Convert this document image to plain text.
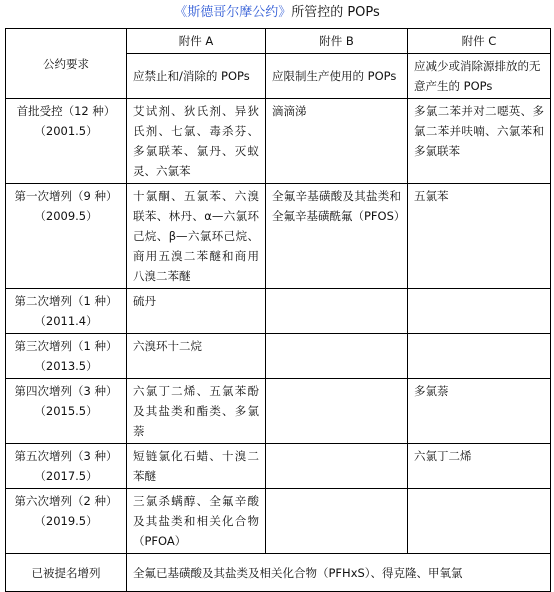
《斯德哥尔摩公约》所管控的 POPs
公约要求	附件 A	附件 B	附件 C
	应禁止和/消除的 POPs	应限制生产使用的 POPs	应减少或消除源排放的无意产生的 POPs

首批受控（12 种）
（2001.5）	艾试剂、狄氏剂、异狄氏剂、七氯、毒杀芬、多氯联苯、氯丹、灭蚁灵、六氯苯	滴滴涕	多氯二苯并对二噁英、多氯二苯并呋喃、六氯苯和多氯联苯

第一次增列（9 种）
（2009.5）	十氯酮、五氯苯、六溴联苯、林丹、α—六氯环己烷、β—六氯环己烷、商用五溴二苯醚和商用八溴二苯醚	全氟辛基磺酸及其盐类和全氟辛基磺酰氟（PFOS）	五氯苯

第二次增列（1 种）
（2011.4）	硫丹		

第三次增列（1 种）
（2013.5）	六溴环十二烷		

第四次增列（3 种）
（2015.5）	六氯丁二烯、五氯苯酚及其盐类和酯类、多氯萘		多氯萘

第五次增列（3 种）
（2017.5）	短链氯化石蜡、十溴二苯醚		六氯丁二烯

第六次增列（2 种）
（2019.5）	三氯杀螨醇、全氟辛酸及其盐类和相关化合物（PFOA）		
已被提名增列	全氟已基磺酸及其盐类及相关化合物（PFHxS）、得克隆、甲氧氯		
